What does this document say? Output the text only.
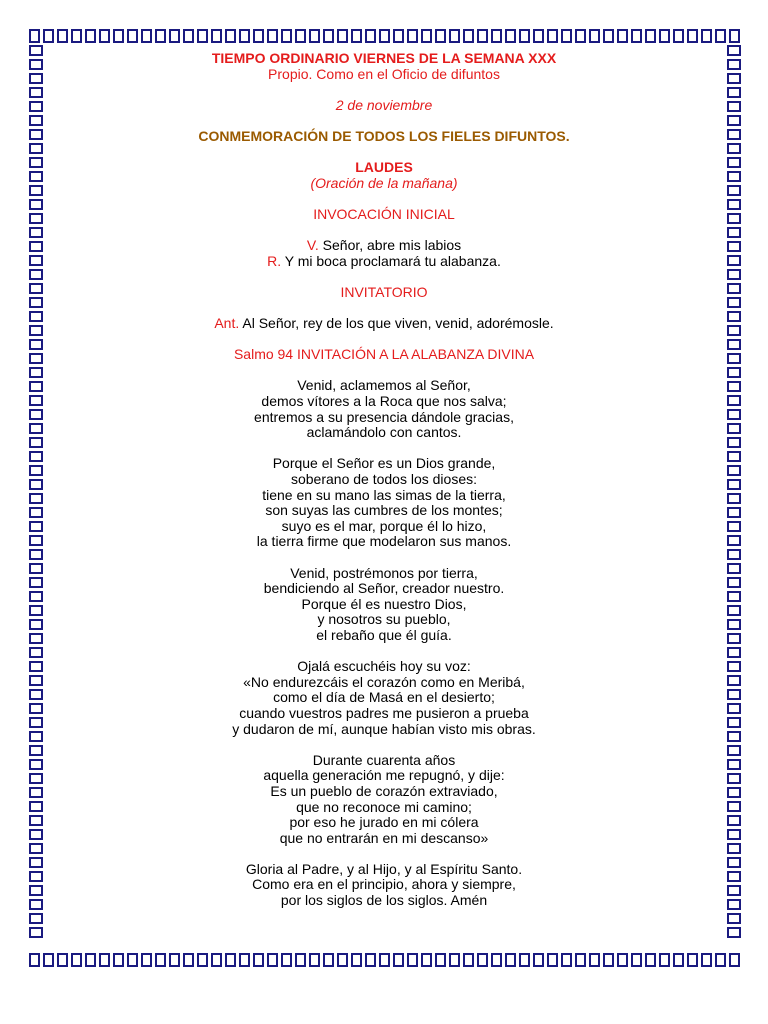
TIEMPO ORDINARIO VIERNES DE LA SEMANA XXX
Propio. Como en el Oficio de difuntos
2 de noviembre
CONMEMORACIÓN DE TODOS LOS FIELES DIFUNTOS.
LAUDES
(Oración de la mañana)
INVOCACIÓN INICIAL
V. Señor, abre mis labios
R. Y mi boca proclamará tu alabanza.
INVITATORIO
Ant. Al Señor, rey de los que viven, venid, adorémosle.
Salmo 94 INVITACIÓN A LA ALABANZA DIVINA
Venid, aclamemos al Señor,
demos vítores a la Roca que nos salva;
entremos a su presencia dándole gracias,
aclamándolo con cantos.
Porque el Señor es un Dios grande,
soberano de todos los dioses:
tiene en su mano las simas de la tierra,
son suyas las cumbres de los montes;
suyo es el mar, porque él lo hizo,
la tierra firme que modelaron sus manos.
Venid, postrémonos por tierra,
bendiciendo al Señor, creador nuestro.
Porque él es nuestro Dios,
y nosotros su pueblo,
el rebaño que él guía.
Ojalá escuchéis hoy su voz:
«No endurezcáis el corazón como en Meribá,
como el día de Masá en el desierto;
cuando vuestros padres me pusieron a prueba
y dudaron de mí, aunque habían visto mis obras.
Durante cuarenta años
aquella generación me repugnó, y dije:
Es un pueblo de corazón extraviado,
que no reconoce mi camino;
por eso he jurado en mi cólera
que no entrarán en mi descanso»
Gloria al Padre, y al Hijo, y al Espíritu Santo.
Como era en el principio, ahora y siempre,
por los siglos de los siglos. Amén
